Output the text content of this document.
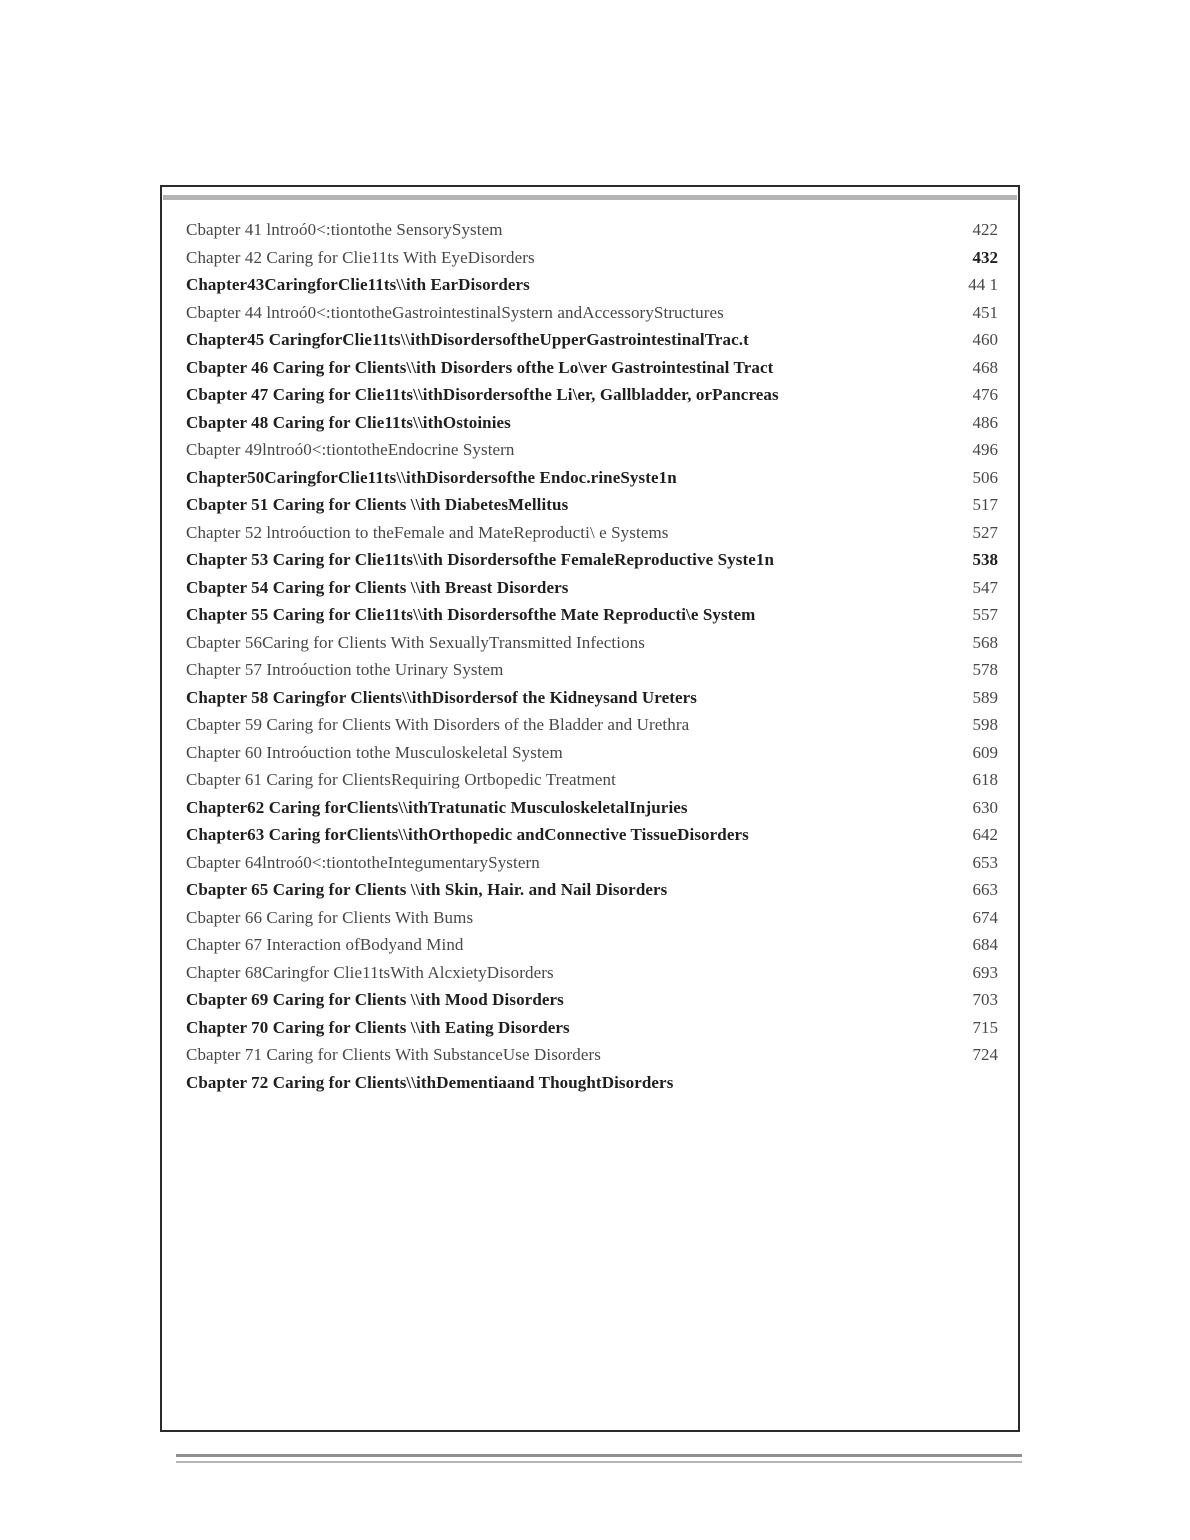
Cbapter 41 lntroó0<:tiontothe SensorySystem	422
Chapter 42 Caring for Clie11ts With EyeDisorders	432
Chapter43CaringforClie11ts\\ith EarDisorders	44 1
Cbapter 44 lntroó0<:tiontotheGastrointestinalSystern andAccessoryStructures	451
Chapter45 CaringforClie11ts\\ithDisordersoftheUpperGastrointestinalTrac.t	460
Cbapter 46 Caring for Clients\\ith Disorders ofthe Lo\ver Gastrointestinal Tract	468
Cbapter 47 Caring for Clie11ts\\ithDisordersofthe Li\er, Gallbladder, orPancreas	476
Cbapter 48 Caring for Clie11ts\\ithOstoinies	486
Cbapter 49lntroó0<:tiontotheEndocrine Systern	496
Chapter50CaringforClie11ts\\ithDisordersofthe Endoc.rineSyste1n	506
Cbapter 51 Caring for Clients \\ith DiabetesMellitus	517
Chapter 52 lntroóuction to theFemale and MateReproducti\ e Systems	527
Chapter 53 Caring for Clie11ts\\ith Disordersofthe FemaleReproductive Syste1n	538
Cbapter 54 Caring for Clients \\ith Breast Disorders	547
Chapter 55 Caring for Clie11ts\\ith Disordersofthe Mate Reproducti\e System	557
Cbapter 56Caring for Clients With SexuallyTransmitted Infections	568
Chapter 57 Introóuction tothe Urinary System	578
Chapter 58 Caringfor Clients\\ithDisordersof the Kidneysand Ureters	589
Cbapter 59 Caring for Clients With Disorders of the Bladder and Urethra	598
Chapter 60 Introóuction tothe Musculoskeletal System	609
Cbapter 61 Caring for ClientsRequiring Ortbopedic Treatment	618
Chapter62 Caring forClients\\ithTratunatic MusculoskeletalInjuries	630
Chapter63 Caring forClients\\ithOrthopedic andConnective TissueDisorders	642
Cbapter 64lntroó0<:tiontotheIntegumentarySystern	653
Cbapter 65 Caring for Clients \\ith Skin, Hair. and Nail Disorders	663
Cbapter 66 Caring for Clients With Bums	674
Chapter 67 Interaction ofBodyand Mind	684
Chapter 68Caringfor Clie11tsWith AlcxietyDisorders	693
Cbapter 69 Caring for Clients \\ith Mood Disorders	703
Chapter 70 Caring for Clients \\ith Eating Disorders	715
Cbapter 71 Caring for Clients With SubstanceUse Disorders	724
Cbapter 72 Caring for Clients\\ithDementiaand ThoughtDisorders
